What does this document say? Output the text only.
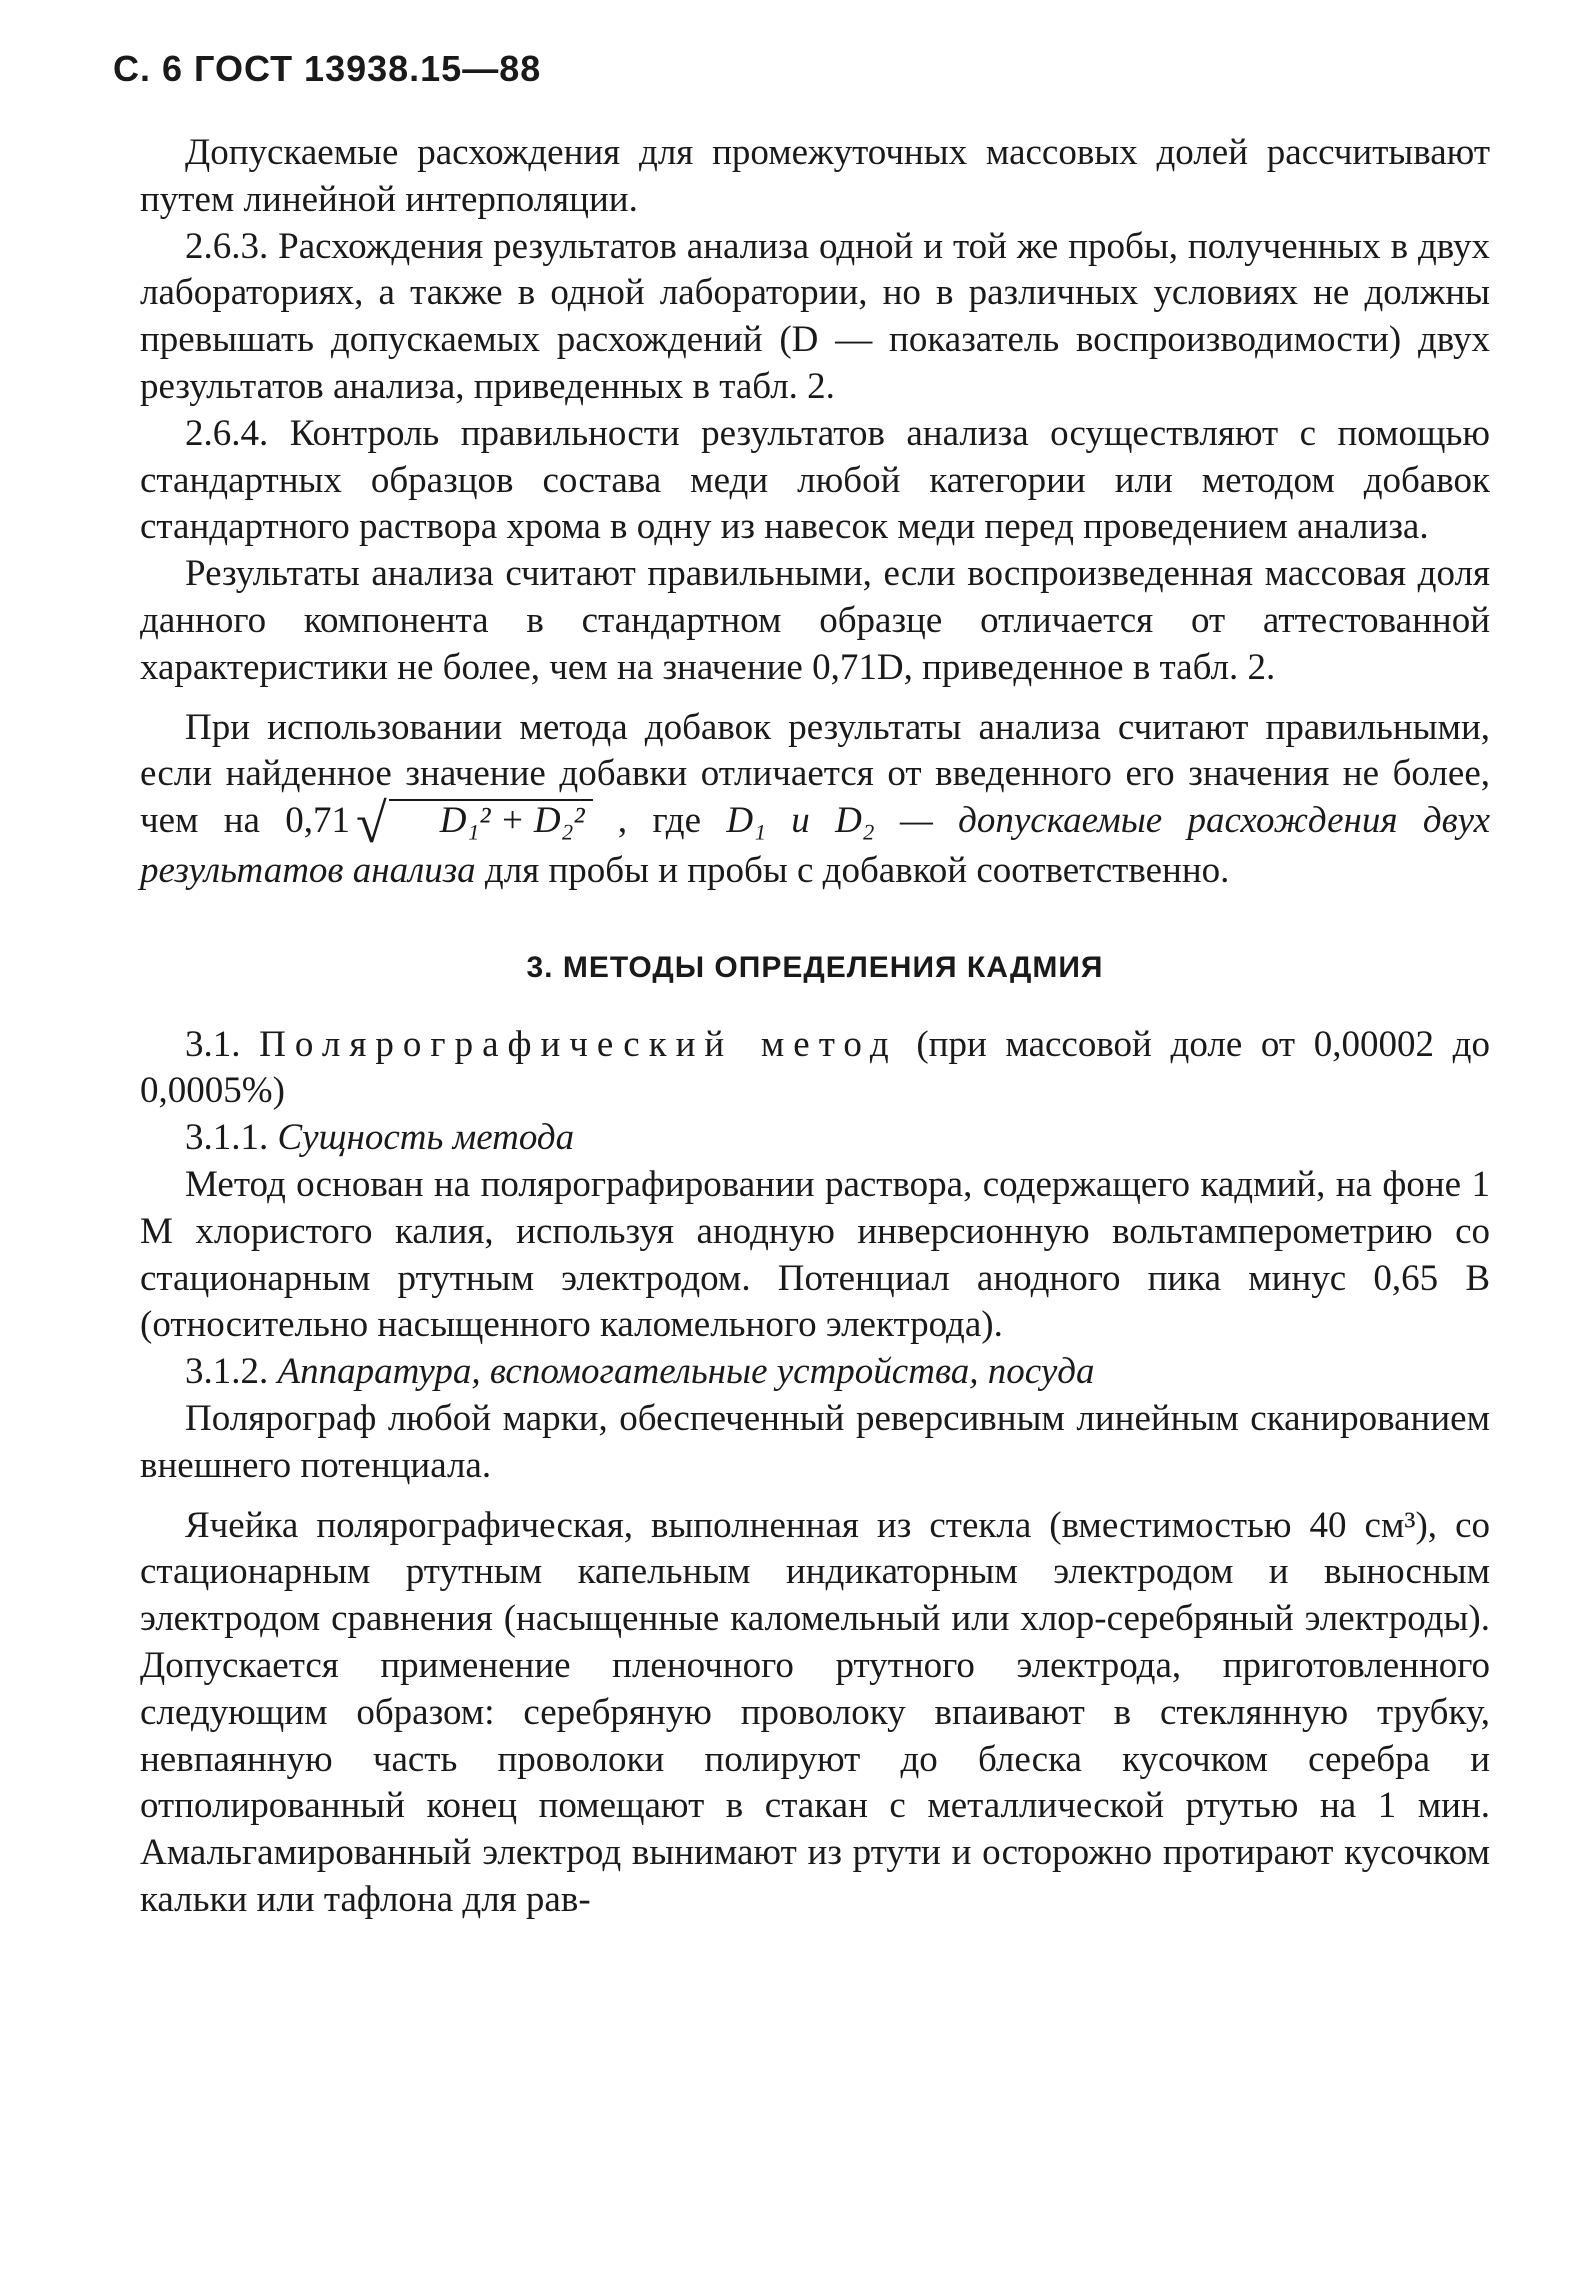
С. 6 ГОСТ 13938.15—88

Допускаемые расхождения для промежуточных массовых долей рассчитывают путем линейной интерполяции.

2.6.3. Расхождения результатов анализа одной и той же пробы, полученных в двух лабораториях, а также в одной лаборатории, но в различных условиях не должны превышать допускаемых расхождений (D — показатель воспроизводимости) двух результатов анализа, приведенных в табл. 2.

2.6.4. Контроль правильности результатов анализа осуществляют с помощью стандартных образцов состава меди любой категории или методом добавок стандартного раствора хрома в одну из навесок меди перед проведением анализа.

Результаты анализа считают правильными, если воспроизведенная массовая доля данного компонента в стандартном образце отличается от аттестованной характеристики не более, чем на значение 0,71D, приведенное в табл. 2.

При использовании метода добавок результаты анализа считают правильными, если найденное значение добавки отличается от введенного его значения не более, чем на 0,71 √ D₁² + D₂² , где D₁ и D₂ — допускаемые расхождения двух результатов анализа для пробы и пробы с добавкой соответственно.

3. МЕТОДЫ ОПРЕДЕЛЕНИЯ КАДМИЯ

3.1. Полярографический метод (при массовой доле от 0,00002 до 0,0005%)

3.1.1. Сущность метода

Метод основан на полярографировании раствора, содержащего кадмий, на фоне 1 М хлористого калия, используя анодную инверсионную вольтамперометрию со стационарным ртутным электродом. Потенциал анодного пика минус 0,65 В (относительно насыщенного каломельного электрода).

3.1.2. Аппаратура, вспомогательные устройства, посуда

Полярограф любой марки, обеспеченный реверсивным линейным сканированием внешнего потенциала.

Ячейка полярографическая, выполненная из стекла (вместимостью 40 см³), со стационарным ртутным капельным индикаторным электродом и выносным электродом сравнения (насыщенные каломельный или хлор-серебряный электроды). Допускается применение пленочного ртутного электрода, приготовленного следующим образом: серебряную проволоку впаивают в стеклянную трубку, невпаянную часть проволоки полируют до блеска кусочком серебра и отполированный конец помещают в стакан с металлической ртутью на 1 мин. Амальгамированный электрод вынимают из ртути и осторожно протирают кусочком кальки или тафлона для рав-
